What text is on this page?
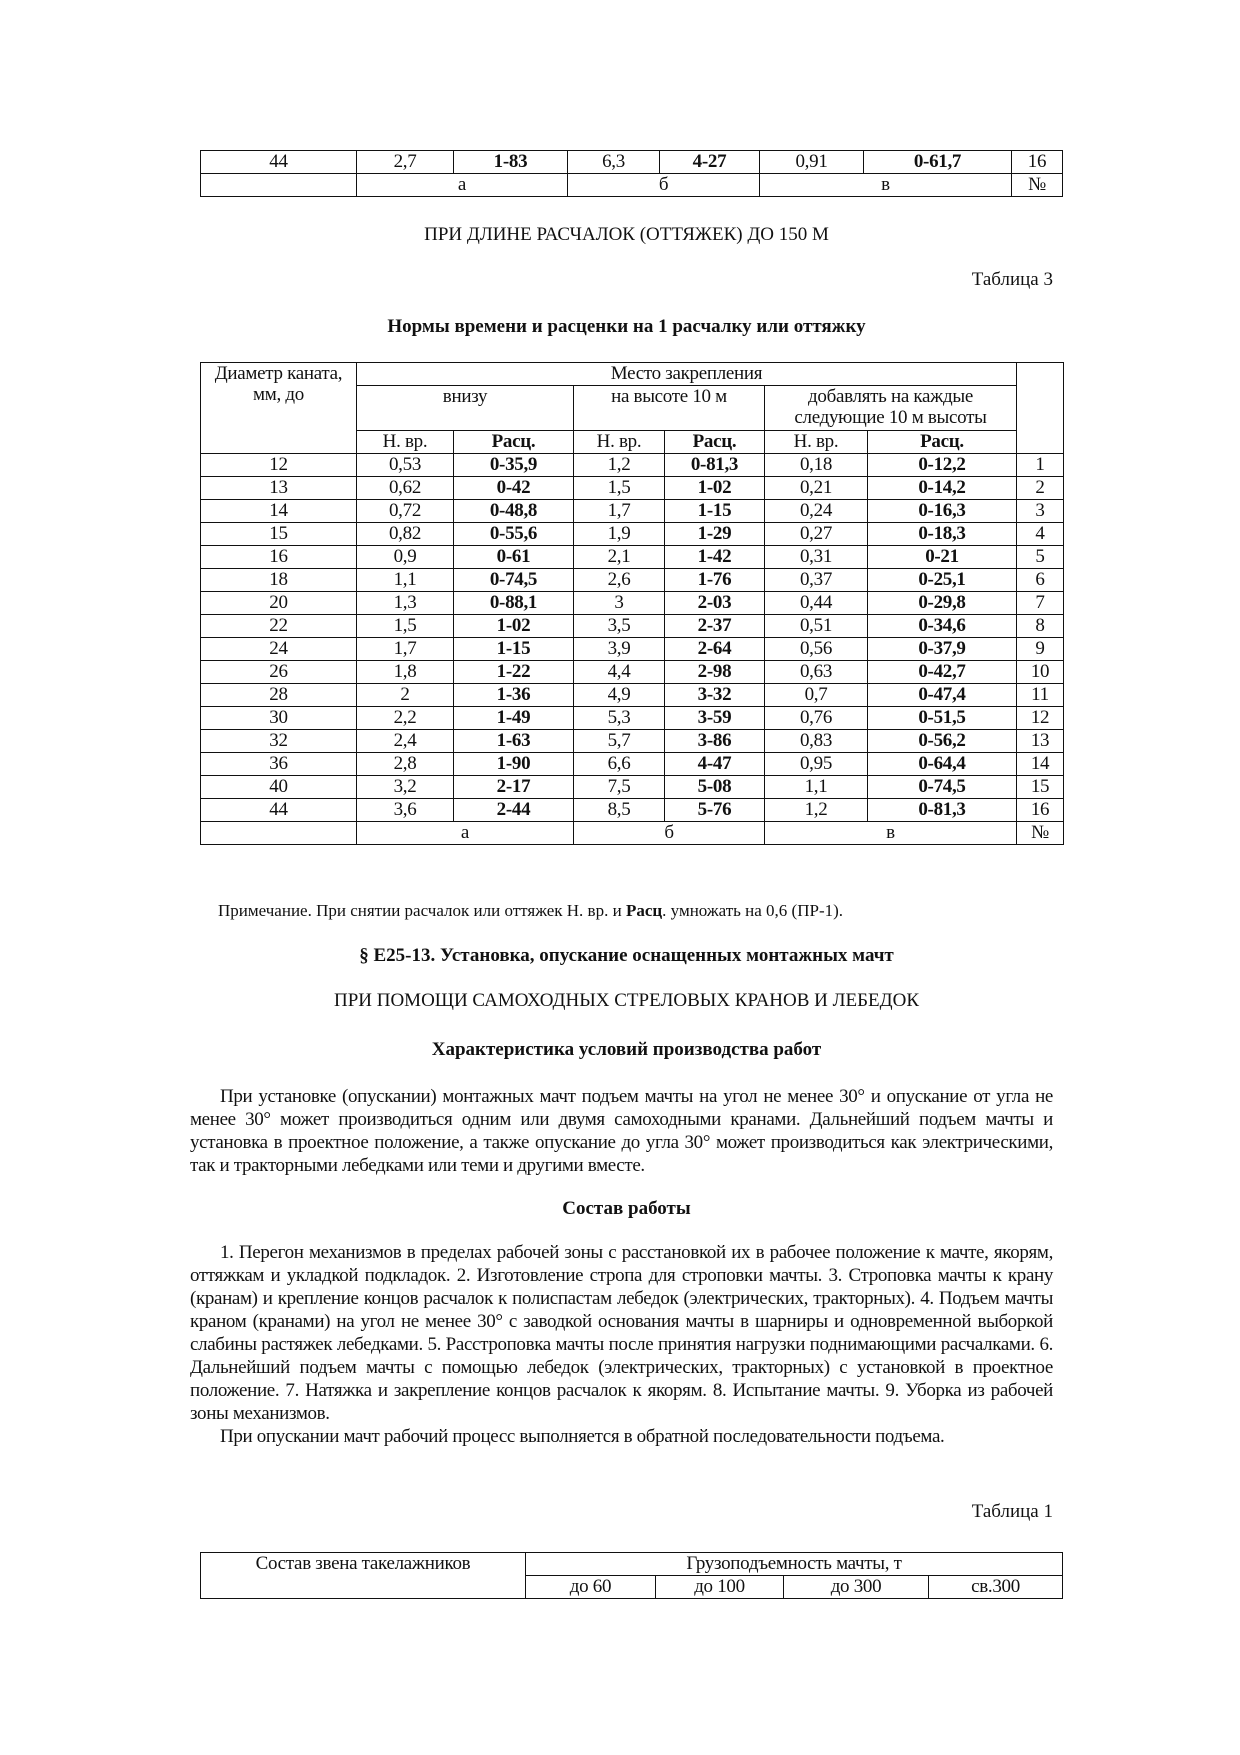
44	2,7	1-83	6,3	4-27	0,91	0-61,7	16
	а		б		в		№
ПРИ ДЛИНЕ РАСЧАЛОК (ОТТЯЖЕК) ДО 150 М
Таблица 3
Нормы времени и расценки на 1 расчалку или оттяжку
Диаметр каната, мм, до	Место закрепления						
	внизу		на высоте 10 м		добавлять на каждые следующие 10 м высоты		
	Н. вр.	Расц.	Н. вр.	Расц.	Н. вр.	Расц.	
12	0,53	0-35,9	1,2	0-81,3	0,18	0-12,2	1
13	0,62	0-42	1,5	1-02	0,21	0-14,2	2
14	0,72	0-48,8	1,7	1-15	0,24	0-16,3	3
15	0,82	0-55,6	1,9	1-29	0,27	0-18,3	4
16	0,9	0-61	2,1	1-42	0,31	0-21	5
18	1,1	0-74,5	2,6	1-76	0,37	0-25,1	6
20	1,3	0-88,1	3	2-03	0,44	0-29,8	7
22	1,5	1-02	3,5	2-37	0,51	0-34,6	8
24	1,7	1-15	3,9	2-64	0,56	0-37,9	9
26	1,8	1-22	4,4	2-98	0,63	0-42,7	10
28	2	1-36	4,9	3-32	0,7	0-47,4	11
30	2,2	1-49	5,3	3-59	0,76	0-51,5	12
32	2,4	1-63	5,7	3-86	0,83	0-56,2	13
36	2,8	1-90	6,6	4-47	0,95	0-64,4	14
40	3,2	2-17	7,5	5-08	1,1	0-74,5	15
44	3,6	2-44	8,5	5-76	1,2	0-81,3	16
	а		б		в		№
Примечание. При снятии расчалок или оттяжек Н. вр. и Расц. умножать на 0,6 (ПР-1).
§ Е25-13. Установка, опускание оснащенных монтажных мачт
ПРИ ПОМОЩИ САМОХОДНЫХ СТРЕЛОВЫХ КРАНОВ И ЛЕБЕДОК
Характеристика условий производства работ

При установке (опускании) монтажных мачт подъем мачты на угол не менее 30° и опускание от угла не менее 30° может производиться одним или двумя самоходными кранами. Дальнейший подъем мачты и установка в проектное положение, а также опускание до угла 30° может производиться как электрическими, так и тракторными лебедками или теми и другими вместе.

Состав работы

1. Перегон механизмов в пределах рабочей зоны с расстановкой их в рабочее положение к мачте, якорям, оттяжкам и укладкой подкладок. 2. Изготовление стропа для строповки мачты. 3. Строповка мачты к крану (кранам) и крепление концов расчалок к полиспастам лебедок (электрических, тракторных). 4. Подъем мачты краном (кранами) на угол не менее 30° с заводкой основания мачты в шарниры и одновременной выборкой слабины растяжек лебедками. 5. Расстроповка мачты после принятия нагрузки поднимающими расчалками. 6. Дальнейший подъем мачты с помощью лебедок (электрических, тракторных) с установкой в проектное положение. 7. Натяжка и закрепление концов расчалок к якорям. 8. Испытание мачты. 9. Уборка из рабочей зоны механизмов.

При опускании мачт рабочий процесс выполняется в обратной последовательности подъема.

Таблица 1
Состав звена такелажников	Грузоподъемность мачты, т			
	до 60	до 100	до 300	св.300
